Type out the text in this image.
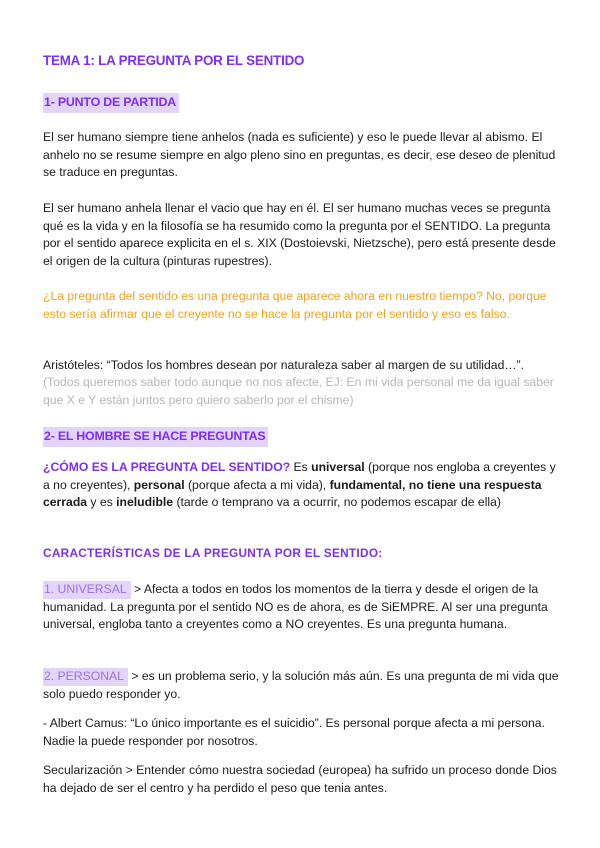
TEMA 1: LA PREGUNTA POR EL SENTIDO
1- PUNTO DE PARTIDA

El ser humano siempre tiene anhelos (nada es suficiente) y eso le puede llevar al abismo. El anhelo no se resume siempre en algo pleno sino en preguntas, es decir, ese deseo de plenitud se traduce en preguntas.

El ser humano anhela llenar el vacio que hay en él. El ser humano muchas veces se pregunta qué es la vida y en la filosofía se ha resumido como la pregunta por el SENTIDO. La pregunta por el sentido aparece explicita en el s. XIX (Dostoievski, Nietzsche), pero está presente desde el origen de la cultura (pinturas rupestres).

¿La pregunta del sentido es una pregunta que aparece ahora en nuestro tiempo? No, porque esto sería afirmar que el creyente no se hace la pregunta por el sentido y eso es falso.

Aristóteles: “Todos los hombres desean por naturaleza saber al margen de su utilidad…”.

(Todos queremos saber todo aunque no nos afecte, EJ: En mi vida personal me da igual saber que X e Y están juntos pero quiero saberlo por el chisme)

2- EL HOMBRE SE HACE PREGUNTAS

¿CÓMO ES LA PREGUNTA DEL SENTIDO? Es universal (porque nos engloba a creyentes y a no creyentes), personal (porque afecta a mi vida), fundamental, no tiene una respuesta cerrada y es ineludible (tarde o temprano va a ocurrir, no podemos escapar de ella)

CARACTERÍSTICAS DE LA PREGUNTA POR EL SENTIDO:

1. UNIVERSAL > Afecta a todos en todos los momentos de la tierra y desde el origen de la humanidad. La pregunta por el sentido NO es de ahora, es de SiEMPRE. Al ser una pregunta universal, engloba tanto a creyentes como a NO creyentes. Es una pregunta humana.

2. PERSONAL > es un problema serio, y la solución más aún. Es una pregunta de mi vida que solo puedo responder yo.

- Albert Camus: “Lo único importante es el suicidio”. Es personal porque afecta a mi persona. Nadie la puede responder por nosotros.

Secularización > Entender cómo nuestra sociedad (europea) ha sufrido un proceso donde Dios ha dejado de ser el centro y ha perdido el peso que tenia antes.
